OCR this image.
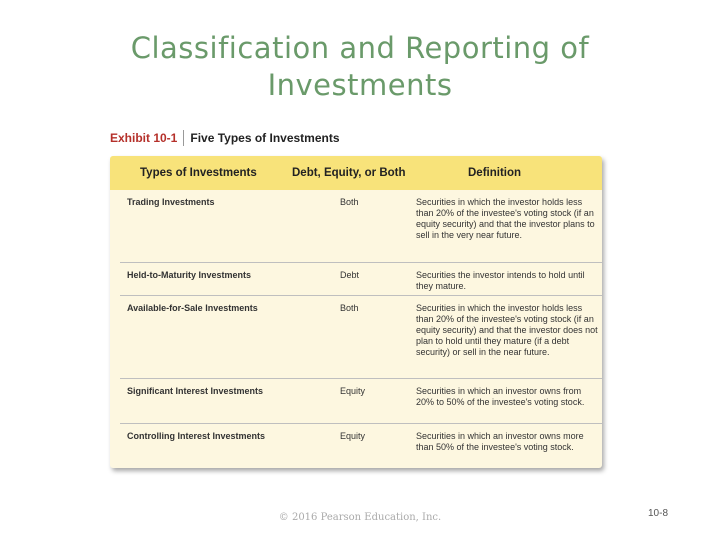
Classification and Reporting of
Investments
Exhibit 10-1	Five Types of Investments
Types of Investments	Debt, Equity, or Both	Definition
Trading Investments	Both	Securities in which the investor holds less than 20% of the investee's voting stock (if an equity security) and that the investor plans to sell in the very near future.
Held-to-Maturity Investments	Debt	Securities the investor intends to hold until they mature.
Available-for-Sale Investments	Both	Securities in which the investor holds less than 20% of the investee's voting stock (if an equity security) and that the investor does not plan to hold until they mature (if a debt security) or sell in the near future.
Significant Interest Investments	Equity	Securities in which an investor owns from 20% to 50% of the investee's voting stock.
Controlling Interest Investments	Equity	Securities in which an investor owns more than 50% of the investee's voting stock.
© 2016 Pearson Education, Inc.	10-8
